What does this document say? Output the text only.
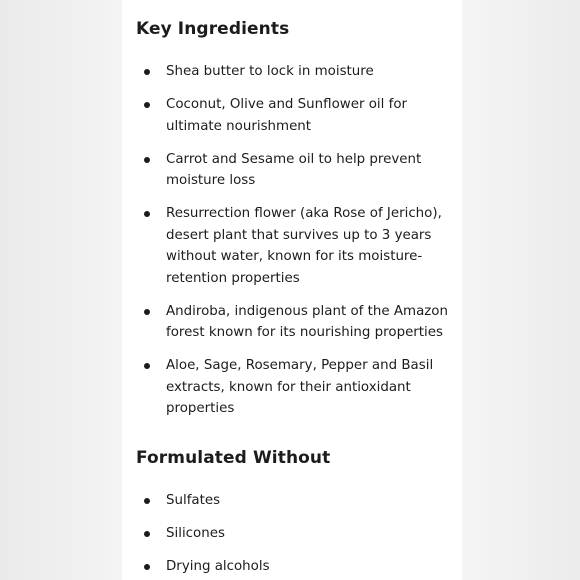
Key Ingredients
Shea butter to lock in moisture
Coconut, Olive and Sunflower oil for ultimate nourishment
Carrot and Sesame oil to help prevent moisture loss
Resurrection flower (aka Rose of Jericho), desert plant that survives up to 3 years without water, known for its moisture-retention properties
Andiroba, indigenous plant of the Amazon forest known for its nourishing properties
Aloe, Sage, Rosemary, Pepper and Basil extracts, known for their antioxidant properties
Formulated Without
Sulfates
Silicones
Drying alcohols
